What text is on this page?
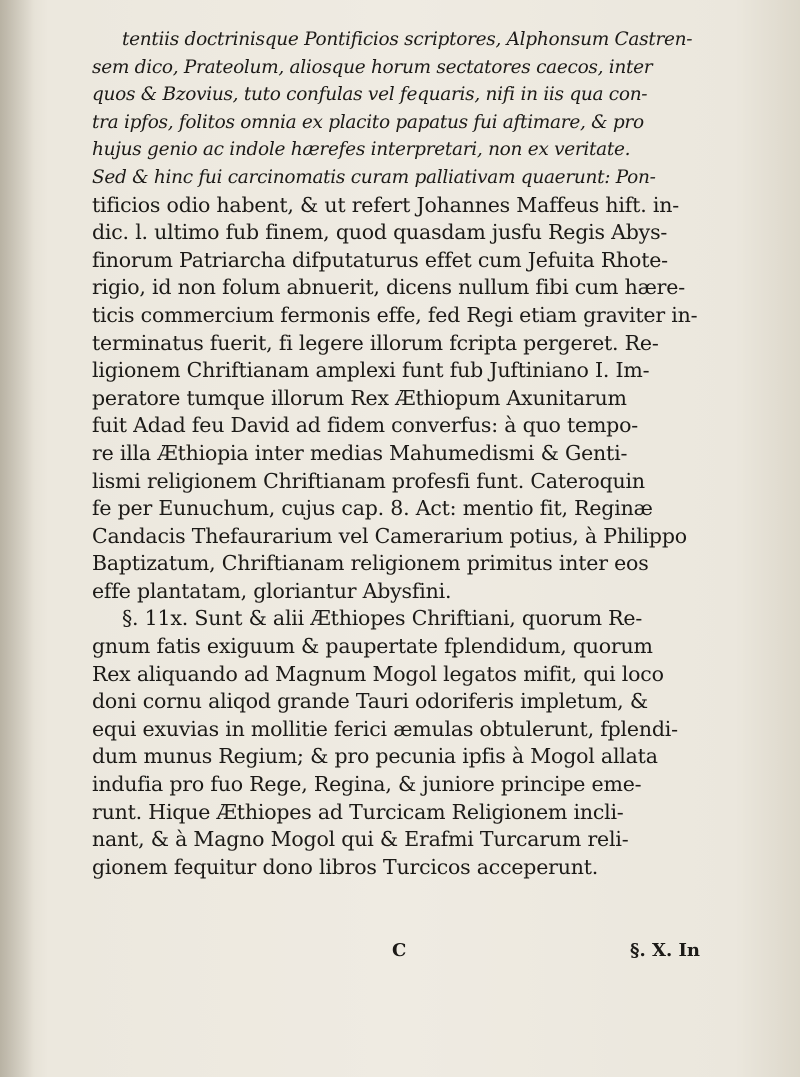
tentiis doctrinisque Pontificios scriptores, Alphonsum Castren-
sem dico, Prateolum, aliosque horum sectatores caecos, inter
quos & Bzovius, tuto confulas vel fequaris, nifi in iis qua con-
tra ipfos, folitos omnia ex placito papatus fui aftimare, & pro
hujus genio ac indole hærefes interpretari, non ex veritate.
Sed & hinc fui carcinomatis curam palliativam quaerunt: Pon-
tificios odio habent, & ut refert Johannes Maffeus hift. in-
dic. l. ultimo fub finem, quod quasdam jusfu Regis Abys-
finorum Patriarcha difputaturus effet cum Jefuita Rhote-
rigio, id non folum abnuerit, dicens nullum fibi cum hære-
ticis commercium fermonis effe, fed Regi etiam graviter in-
terminatus fuerit, fi legere illorum fcripta pergeret. Re-
ligionem Chriftianam amplexi funt fub Juftiniano I. Im-
peratore tumque illorum Rex Æthiopum Axunitarum
fuit Adad feu David ad fidem converfus: à quo tempo-
re illa Æthiopia inter medias Mahumedismi & Genti-
lismi religionem Chriftianam profesfi funt. Cateroquin
fe per Eunuchum, cujus cap. 8. Act: mentio fit, Reginæ
Candacis Thefaurarium vel Camerarium potius, à Philippo
Baptizatum, Chriftianam religionem primitus inter eos
effe plantatam, gloriantur Abysfini.
§. 11x. Sunt & alii Æthiopes Chriftiani, quorum Re-
gnum fatis exiguum & paupertate fplendidum, quorum
Rex aliquando ad Magnum Mogol legatos mifit, qui loco
doni cornu aliqod grande Tauri odoriferis impletum, &
equi exuvias in mollitie ferici æmulas obtulerunt, fplendi-
dum munus Regium; & pro pecunia ipfis à Mogol allata
indufia pro fuo Rege, Regina, & juniore principe eme-
runt. Hique Æthiopes ad Turcicam Religionem incli-
nant, & à Magno Mogol qui & Erafmi Turcarum reli-
gionem fequitur dono libros Turcicos acceperunt.
C	§. X. In
